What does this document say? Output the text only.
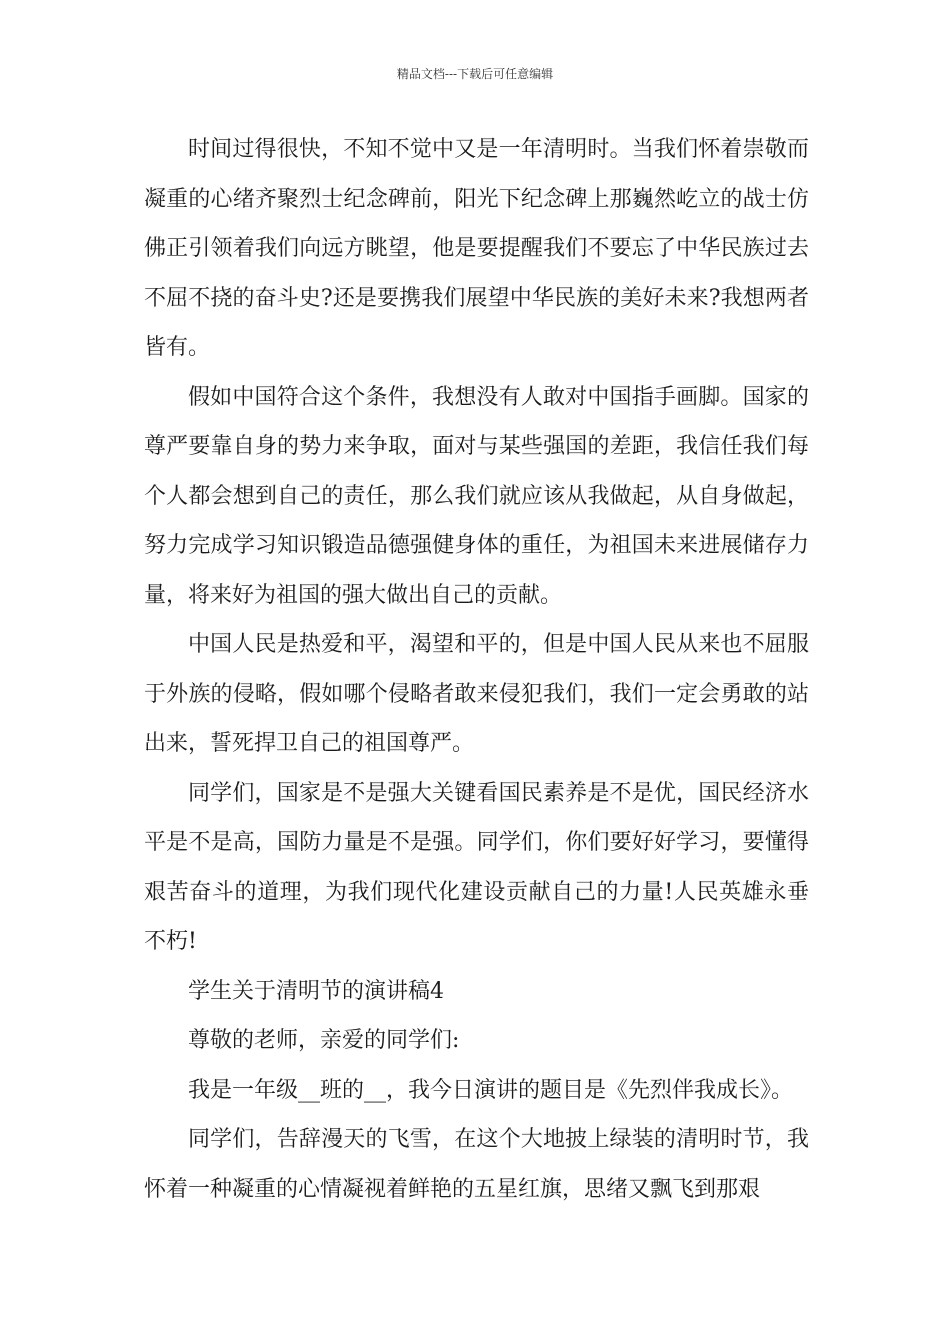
精品文档---下载后可任意编辑

时间过得很快，不知不觉中又是一年清明时。当我们怀着崇敬而凝重的心绪齐聚烈士纪念碑前，阳光下纪念碑上那巍然屹立的战士仿佛正引领着我们向远方眺望，他是要提醒我们不要忘了中华民族过去不屈不挠的奋斗史?还是要携我们展望中华民族的美好未来?我想两者皆有。

假如中国符合这个条件，我想没有人敢对中国指手画脚。国家的尊严要靠自身的势力来争取，面对与某些强国的差距，我信任我们每个人都会想到自己的责任，那么我们就应该从我做起，从自身做起，努力完成学习知识锻造品德强健身体的重任，为祖国未来进展储存力量，将来好为祖国的强大做出自己的贡献。

中国人民是热爱和平，渴望和平的，但是中国人民从来也不屈服于外族的侵略，假如哪个侵略者敢来侵犯我们，我们一定会勇敢的站出来，誓死捍卫自己的祖国尊严。

同学们，国家是不是强大关键看国民素养是不是优，国民经济水平是不是高，国防力量是不是强。同学们，你们要好好学习，要懂得艰苦奋斗的道理，为我们现代化建设贡献自己的力量!人民英雄永垂不朽!

学生关于清明节的演讲稿4

尊敬的老师，亲爱的同学们:

我是一年级__班的__，我今日演讲的题目是《先烈伴我成长》。

同学们，告辞漫天的飞雪，在这个大地披上绿装的清明时节，我怀着一种凝重的心情凝视着鲜艳的五星红旗，思绪又飘飞到那艰
